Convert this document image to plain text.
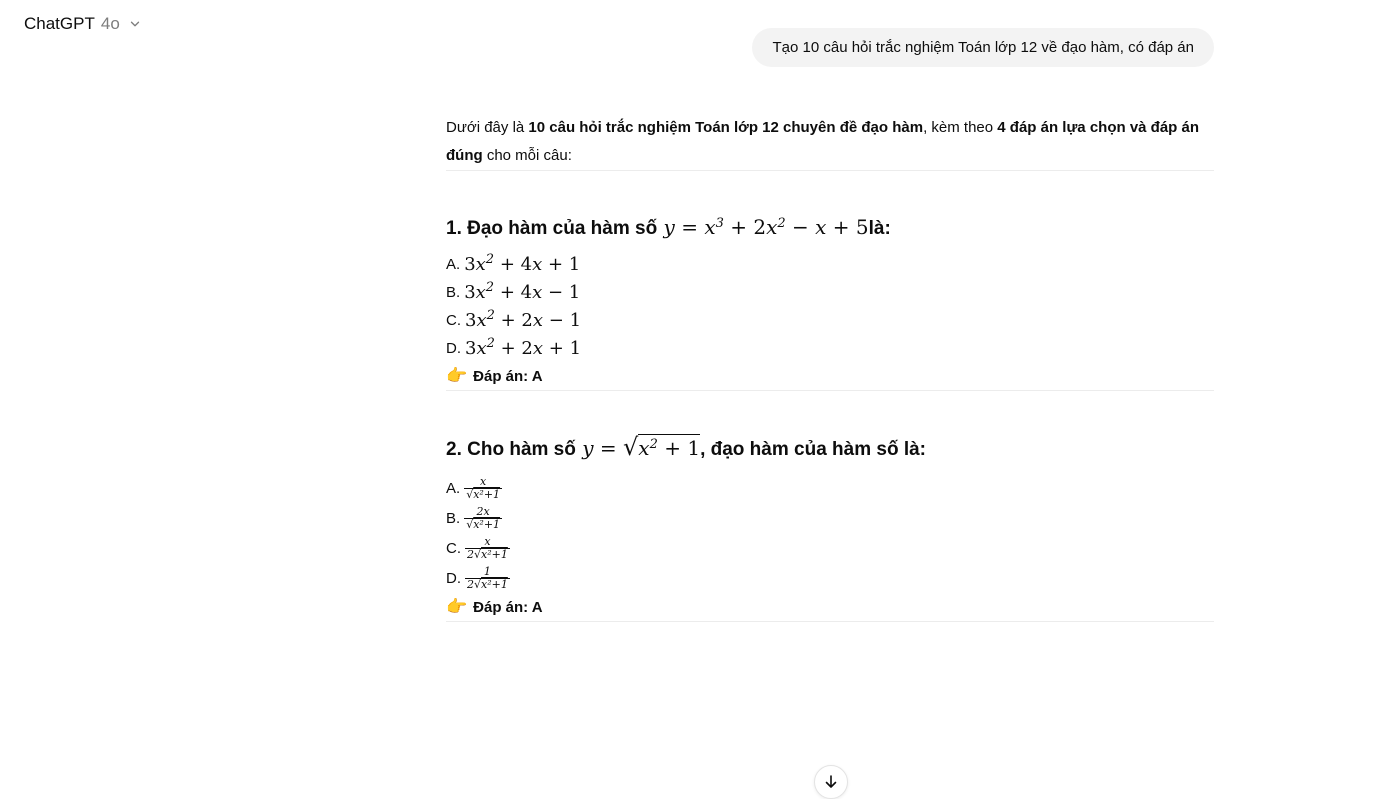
ChatGPT 4o
Tạo 10 câu hỏi trắc nghiệm Toán lớp 12 về đạo hàm, có đáp án

Dưới đây là 10 câu hỏi trắc nghiệm Toán lớp 12 chuyên đề đạo hàm, kèm theo 4 đáp án lựa chọn và đáp án đúng cho mỗi câu:

1. Đạo hàm của hàm số $y = x^3 + 2x^2 - x + 5$ là:
A. $3x^2 + 4x + 1$
B. $3x^2 + 4x - 1$
C. $3x^2 + 2x - 1$
D. $3x^2 + 2x + 1$
👉 Đáp án: A
2. Cho hàm số $y = √x^2 + 1$ , đạo hàm của hàm số là:
A. $\frac{x}{\text{√x²+1}}$
B. $\frac{2x}{\text{√x²+1}}$
C. $\frac{x}{\text{2√x²+1}}$
D. $\frac{1}{\text{2√x²+1}}$
👉 Đáp án: A
